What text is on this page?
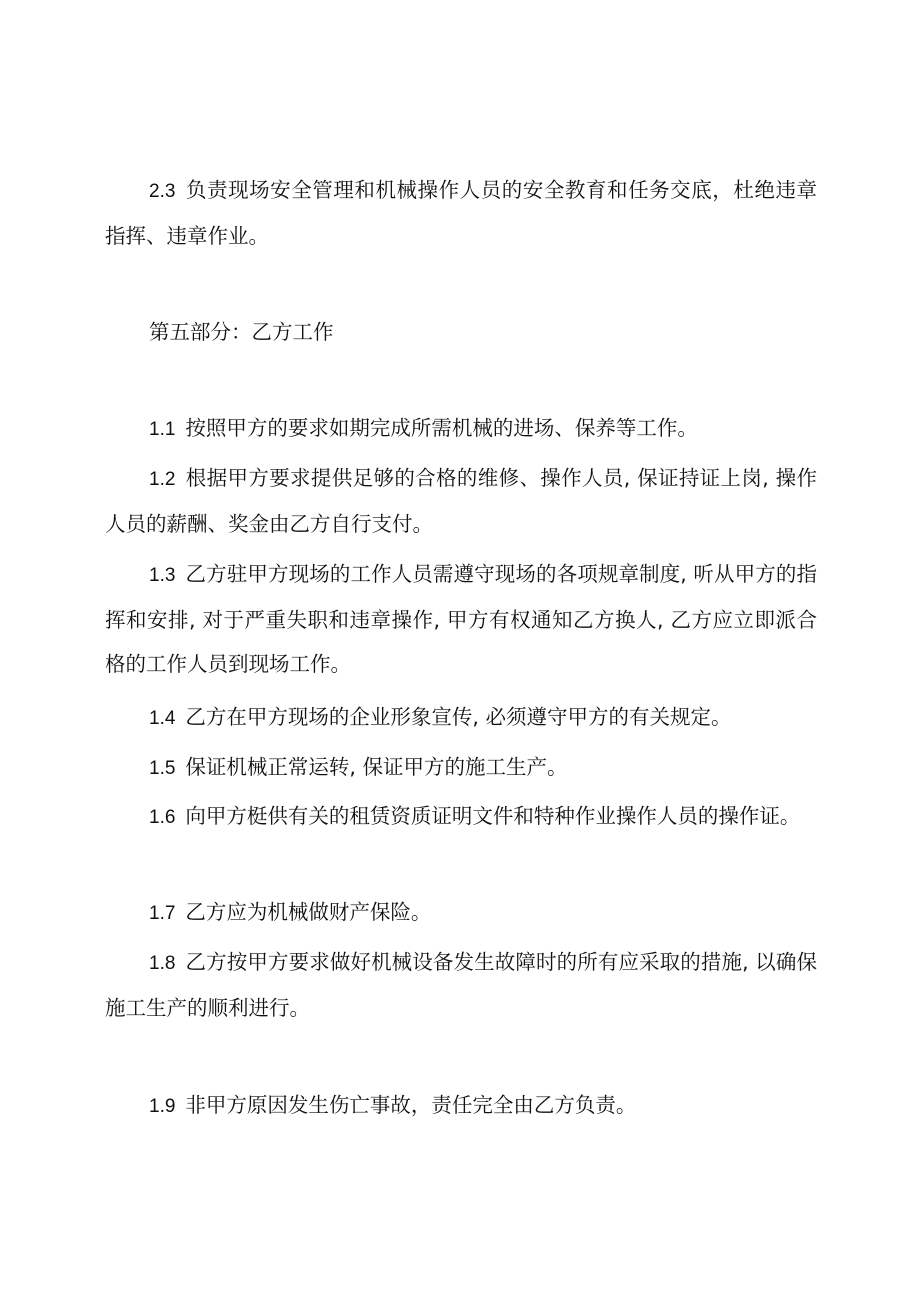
2.3 负责现场安全管理和机械操作人员的安全教育和任务交底，杜绝违章指挥、违章作业。
第五部分：乙方工作
1.1 按照甲方的要求如期完成所需机械的进场、保养等工作。
1.2 根据甲方要求提供足够的合格的维修、操作人员, 保证持证上岗, 操作人员的薪酬、奖金由乙方自行支付。
1.3 乙方驻甲方现场的工作人员需遵守现场的各项规章制度, 听从甲方的指挥和安排, 对于严重失职和违章操作, 甲方有权通知乙方换人, 乙方应立即派合格的工作人员到现场工作。
1.4 乙方在甲方现场的企业形象宣传, 必须遵守甲方的有关规定。
1.5 保证机械正常运转, 保证甲方的施工生产。
1.6 向甲方梃供有关的租赁资质证明文件和特种作业操作人员的操作证。
1.7 乙方应为机械做财产保险。
1.8 乙方按甲方要求做好机械设备发生故障时的所有应采取的措施, 以确保施工生产的顺利进行。
1.9 非甲方原因发生伤亡事故，责任完全由乙方负责。
